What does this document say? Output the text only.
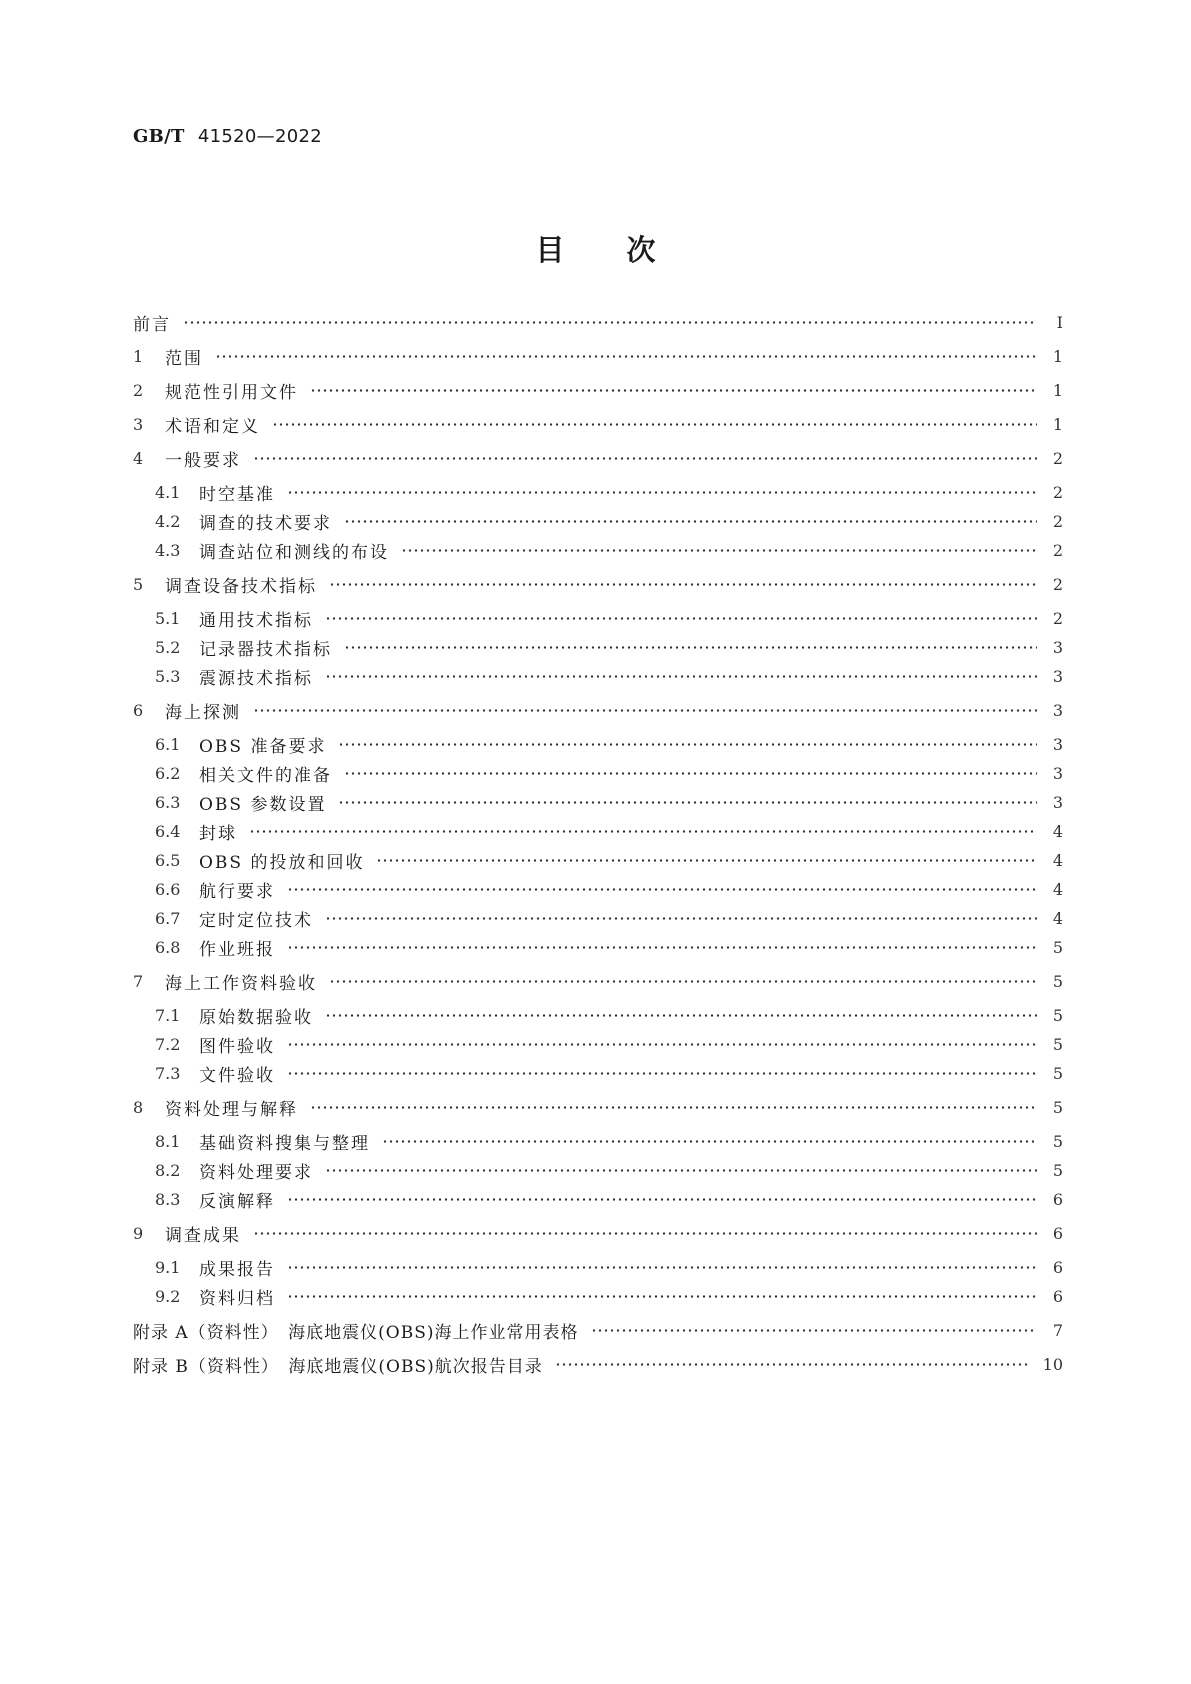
GB/T 41520—2022
目 次
前言	Ⅰ
1	范围	1
2	规范性引用文件	1
3	术语和定义	1
4	一般要求	2
4.1	时空基准	2
4.2	调查的技术要求	2
4.3	调查站位和测线的布设	2
5	调查设备技术指标	2
5.1	通用技术指标	2
5.2	记录器技术指标	3
5.3	震源技术指标	3
6	海上探测	3
6.1	OBS 准备要求	3
6.2	相关文件的准备	3
6.3	OBS 参数设置	3
6.4	封球	4
6.5	OBS 的投放和回收	4
6.6	航行要求	4
6.7	定时定位技术	4
6.8	作业班报	5
7	海上工作资料验收	5
7.1	原始数据验收	5
7.2	图件验收	5
7.3	文件验收	5
8	资料处理与解释	5
8.1	基础资料搜集与整理	5
8.2	资料处理要求	5
8.3	反演解释	6
9	调查成果	6
9.1	成果报告	6
9.2	资料归档	6
附录 A（资料性）　海底地震仪(OBS)海上作业常用表格	7
附录 B（资料性）　海底地震仪(OBS)航次报告目录	10
